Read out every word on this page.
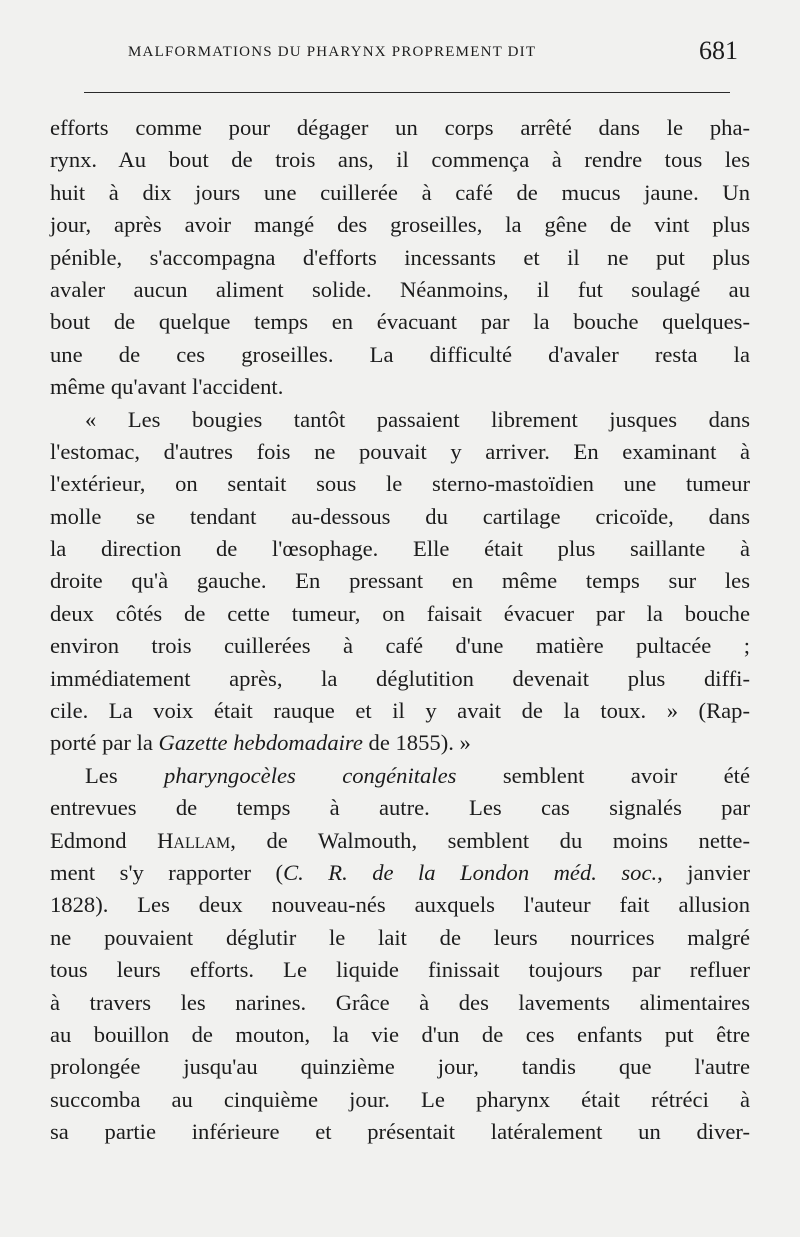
MALFORMATIONS DU PHARYNX PROPREMENT DIT	681
efforts comme pour dégager un corps arrêté dans le pha-
rynx. Au bout de trois ans, il commença à rendre tous les
huit à dix jours une cuillerée à café de mucus jaune. Un
jour, après avoir mangé des groseilles, la gêne de vint plus
pénible, s'accompagna d'efforts incessants et il ne put plus
avaler aucun aliment solide. Néanmoins, il fut soulagé au
bout de quelque temps en évacuant par la bouche quelques-
une de ces groseilles. La difficulté d'avaler resta la
même qu'avant l'accident.
« Les bougies tantôt passaient librement jusques dans
l'estomac, d'autres fois ne pouvait y arriver. En examinant à
l'extérieur, on sentait sous le sterno-mastoïdien une tumeur
molle se tendant au-dessous du cartilage cricoïde, dans
la direction de l'œsophage. Elle était plus saillante à
droite qu'à gauche. En pressant en même temps sur les
deux côtés de cette tumeur, on faisait évacuer par la bouche
environ trois cuillerées à café d'une matière pultacée ;
immédiatement après, la déglutition devenait plus diffi-
cile. La voix était rauque et il y avait de la toux. » (Rap-
porté par la Gazette hebdomadaire de 1855). »
Les pharyngocèles congénitales semblent avoir été
entrevues de temps à autre. Les cas signalés par
Edmond Hallam, de Walmouth, semblent du moins nette-
ment s'y rapporter (C. R. de la London méd. soc., janvier
1828). Les deux nouveau-nés auxquels l'auteur fait allusion
ne pouvaient déglutir le lait de leurs nourrices malgré
tous leurs efforts. Le liquide finissait toujours par refluer
à travers les narines. Grâce à des lavements alimentaires
au bouillon de mouton, la vie d'un de ces enfants put être
prolongée jusqu'au quinzième jour, tandis que l'autre
succomba au cinquième jour. Le pharynx était rétréci à
sa partie inférieure et présentait latéralement un diver-
